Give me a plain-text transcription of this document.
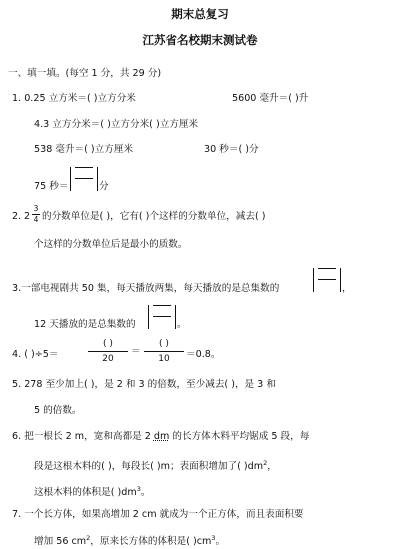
期末总复习
江苏省名校期末测试卷
一、填一填。(每空 1 分，共 29 分)
1. 0.25 立方米＝( )立方分米	5600 毫升＝( )升
4.3 立方分米＝( )立方分米( )立方厘米
538 毫升＝( )立方厘米	30 秒＝( )分
75 秒＝	分
2. 2
3
4 的分数单位是( )，它有( )个这样的分数单位，减去( )
个这样的分数单位后是最小的质数。
3.一部电视剧共 50 集，每天播放两集，每天播放的是总集数的	，
12 天播放的是总集数的	。
4. ( )÷5＝
( )
20
＝
( )
10	＝0.8。
5. 278 至少加上( )，是 2 和 3 的倍数，至少减去( )，是 3 和
5 的倍数。
6. 把一根长 2 m，宽和高都是 2 dm 的长方体木料平均锯成 5 段，每
段是这根木料的( )，每段长( )m；表面积增加了( )$dm^2$，
这根木料的体积是( )$dm^3$。
7. 一个长方体，如果高增加 2 cm 就成为一个正方体，而且表面积要
增加 56 $cm^2$，原来长方体的体积是( )$cm^3$。
